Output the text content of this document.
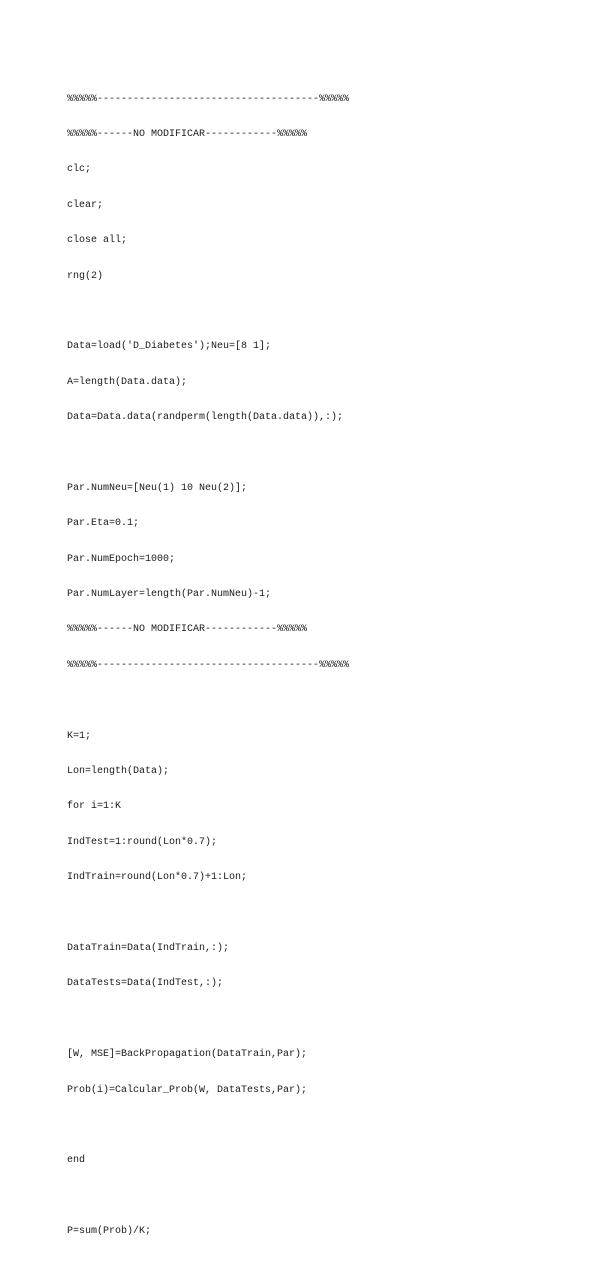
%%%%%-------------------------------------%%%%%

%%%%%------NO MODIFICAR------------%%%%%

clc;

clear;

close all;

rng(2)

Data=load('D_Diabetes');Neu=[8 1];

A=length(Data.data);

Data=Data.data(randperm(length(Data.data)),:);

Par.NumNeu=[Neu(1) 10 Neu(2)];

Par.Eta=0.1;

Par.NumEpoch=1000;

Par.NumLayer=length(Par.NumNeu)-1;

%%%%%------NO MODIFICAR------------%%%%%

%%%%%-------------------------------------%%%%%

K=1;

Lon=length(Data);

for i=1:K

IndTest=1:round(Lon*0.7);

IndTrain=round(Lon*0.7)+1:Lon;

DataTrain=Data(IndTrain,:);

DataTests=Data(IndTest,:);

[W, MSE]=BackPropagation(DataTrain,Par);

Prob(i)=Calcular_Prob(W, DataTests,Par);

end

P=sum(Prob)/K;
